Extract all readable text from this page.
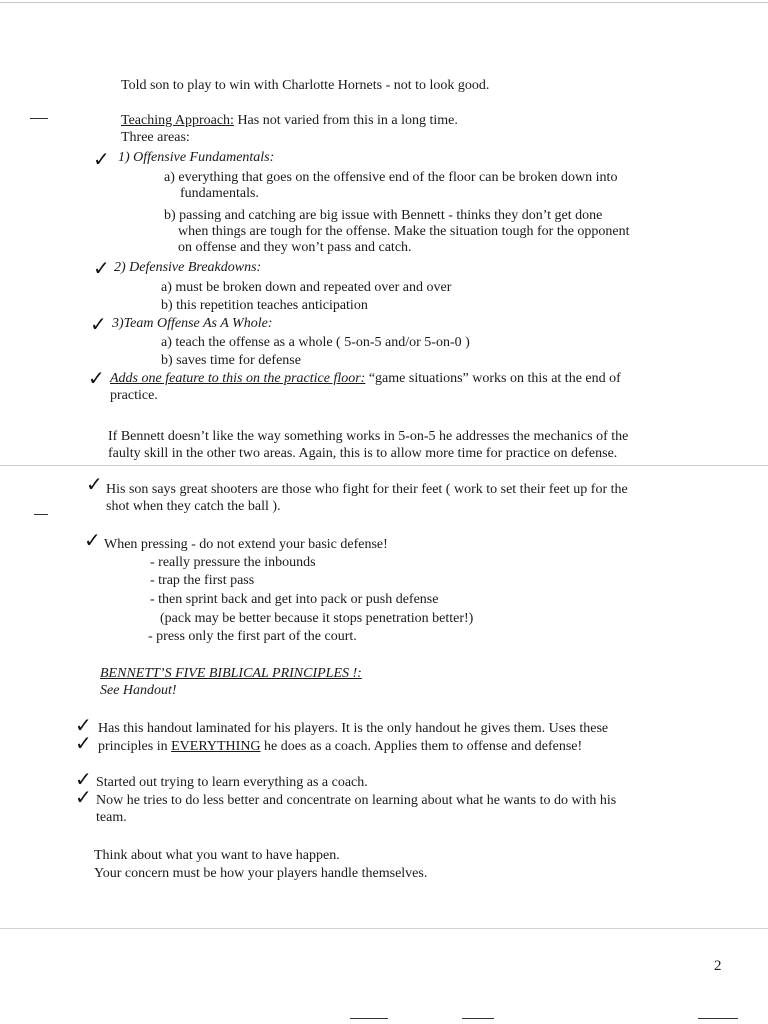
Told son to play to win with Charlotte Hornets - not to look good.
Teaching Approach: Has not varied from this in a long time.
Three areas:
✓ 1) Offensive Fundamentals:
a) everything that goes on the offensive end of the floor can be broken down into
fundamentals.
b) passing and catching are big issue with Bennett - thinks they don’t get done
when things are tough for the offense. Make the situation tough for the opponent
on offense and they won’t pass and catch.
✓ 2) Defensive Breakdowns:
a) must be broken down and repeated over and over
b) this repetition teaches anticipation
✓ 3)Team Offense As A Whole:
a) teach the offense as a whole ( 5-on-5 and/or 5-on-0 )
b) saves time for defense
✓ Adds one feature to this on the practice floor: “game situations” works on this at the end of
practice.
If Bennett doesn’t like the way something works in 5-on-5 he addresses the mechanics of the
faulty skill in the other two areas. Again, this is to allow more time for practice on defense.
✓ His son says great shooters are those who fight for their feet ( work to set their feet up for the
shot when they catch the ball ).
✓ When pressing - do not extend your basic defense!
- really pressure the inbounds
- trap the first pass
- then sprint back and get into pack or push defense
(pack may be better because it stops penetration better!)
- press only the first part of the court.
BENNETT’S FIVE BIBLICAL PRINCIPLES !:
See Handout!
✓ Has this handout laminated for his players. It is the only handout he gives them. Uses these
✓ principles in EVERYTHING he does as a coach. Applies them to offense and defense!
✓ Started out trying to learn everything as a coach.
✓ Now he tries to do less better and concentrate on learning about what he wants to do with his
team.
Think about what you want to have happen.
Your concern must be how your players handle themselves.
2
